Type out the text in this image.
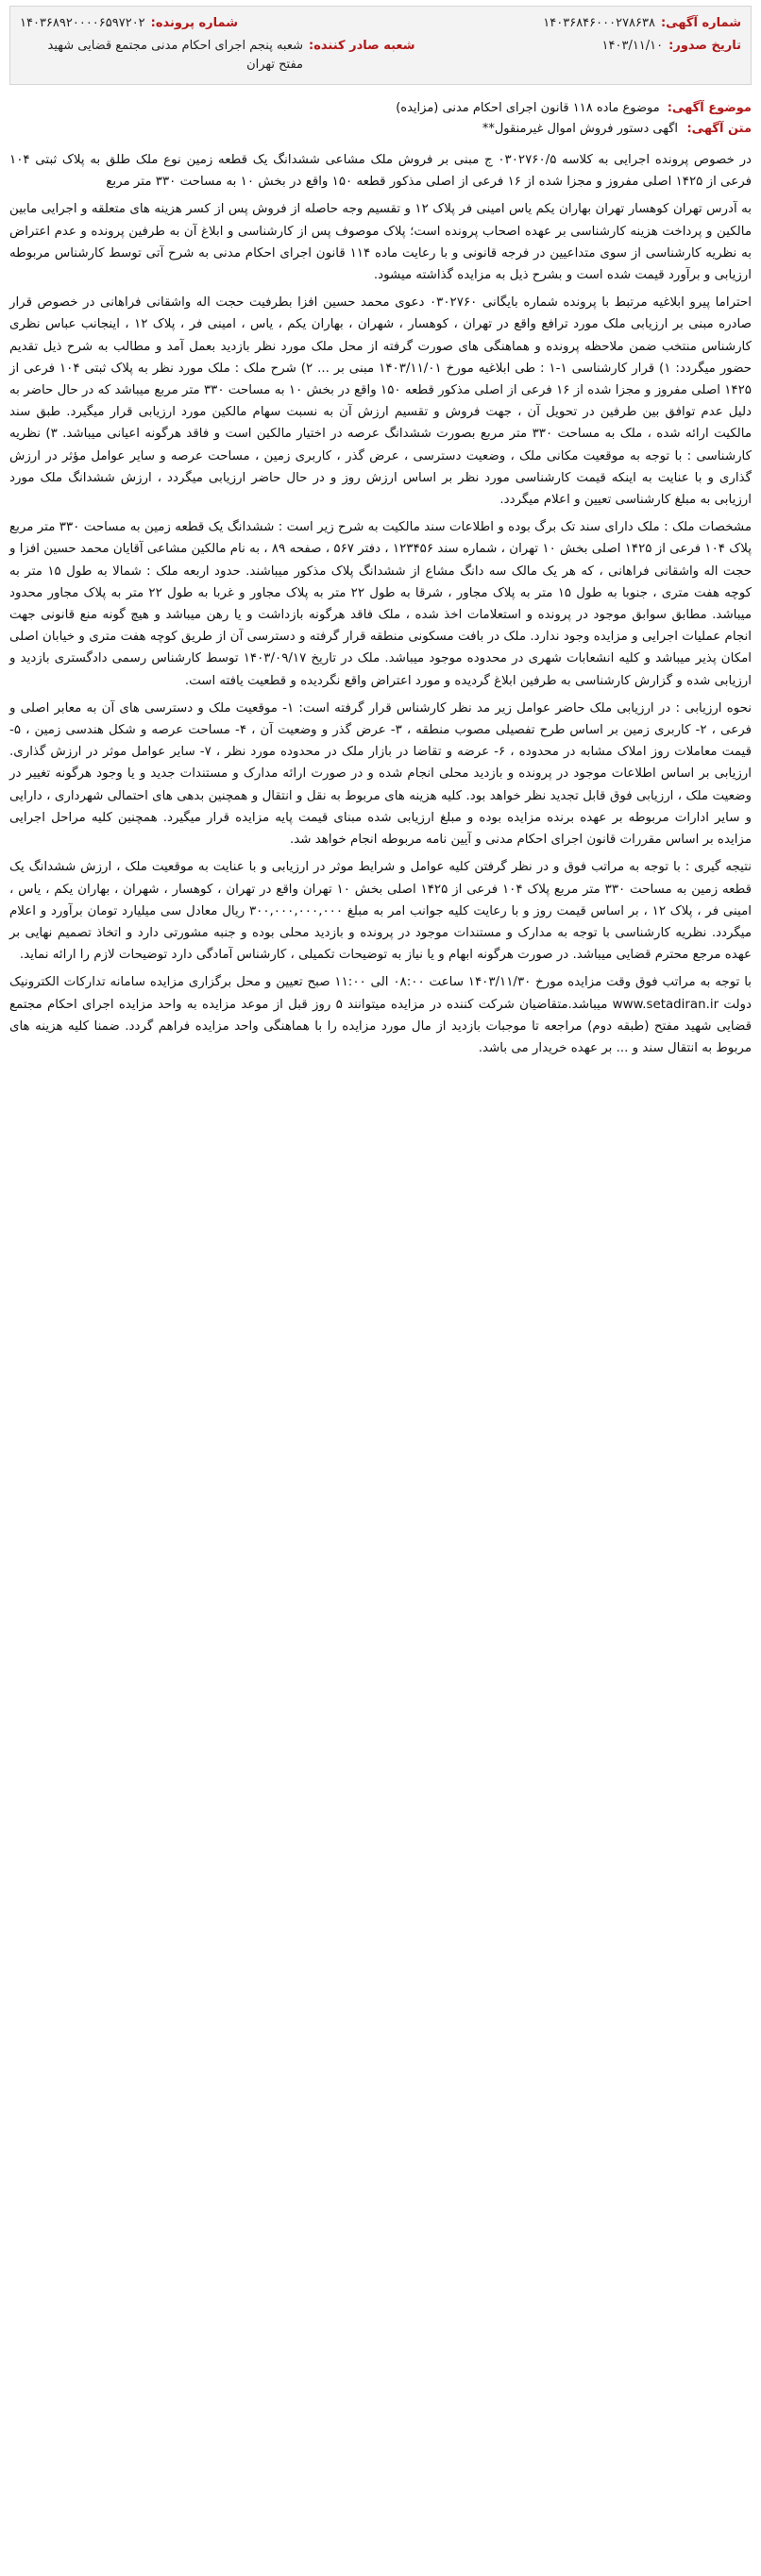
شماره آگهی:
۱۴۰۳۶۸۴۶۰۰۰۲۷۸۶۳۸
شماره پرونده:
۱۴۰۳۶۸۹۲۰۰۰۰۶۵۹۷۲۰۲
تاریخ صدور:
۱۴۰۳/۱۱/۱۰
شعبه صادر کننده:
شعبه پنجم اجرای احکام مدنی مجتمع قضایی شهید مفتح تهران
موضوع آگهی:
موضوع ماده ۱۱۸ قانون اجرای احکام مدنی (مزایده)
متن آگهی:
اگهی دستور فروش اموال غیرمنقول**

در خصوص پرونده اجرایی به کلاسه ۰۳۰۲۷۶۰/۵ ج مبنی بر فروش ملک مشاعی ششدانگ یک قطعه زمین نوع ملک طلق به پلاک ثبتی ۱۰۴ فرعی از ۱۴۲۵ اصلی مفروز و مجزا شده از ۱۶ فرعی از اصلی مذکور قطعه ۱۵۰ واقع در بخش ۱۰ به مساحت ۳۳۰ متر مربع

به آدرس تهران کوهسار تهران بهاران یکم یاس امینی فر پلاک ۱۲ و تقسیم وجه حاصله از فروش پس از کسر هزینه های متعلقه و اجرایی مابین مالکین و پرداخت هزینه کارشناسی بر عهده اصحاب پرونده است؛ پلاک موصوف پس از کارشناسی و ابلاغ آن به طرفین پرونده و عدم اعتراض به نظریه کارشناسی از سوی متداعیین در فرجه قانونی و با رعایت ماده ۱۱۴ قانون اجرای احکام مدنی به شرح آتی توسط کارشناس مربوطه ارزیابی و برآورد قیمت شده است و بشرح ذیل به مزایده گذاشته میشود.

احتراما پیرو ابلاغیه مرتبط با پرونده شماره بایگانی ۰۳۰۲۷۶۰ دعوی محمد حسین افزا بطرفیت حجت اله واشقانی فراهانی در خصوص قرار صادره مبنی بر ارزیابی ملک مورد ترافع واقع در تهران ، کوهسار ، شهران ، بهاران یکم ، یاس ، امینی فر ، پلاک ۱۲ ، اینجانب عباس نظری کارشناس منتخب ضمن ملاحظه پرونده و هماهنگی های صورت گرفته از محل ملک مورد نظر بازدید بعمل آمد و مطالب به شرح ذیل تقدیم حضور میگردد: ۱) قرار کارشناسی ۱-۱ : طی ابلاغیه مورخ ۱۴۰۳/۱۱/۰۱ مبنی بر ... ۲) شرح ملک : ملک مورد نظر به پلاک ثبتی ۱۰۴ فرعی از ۱۴۲۵ اصلی مفروز و مجزا شده از ۱۶ فرعی از اصلی مذکور قطعه ۱۵۰ واقع در بخش ۱۰ به مساحت ۳۳۰ متر مربع میباشد که در حال حاضر به دلیل عدم توافق بین طرفین در تحویل آن ، جهت فروش و تقسیم ارزش آن به نسبت سهام مالکین مورد ارزیابی قرار میگیرد. طبق سند مالکیت ارائه شده ، ملک به مساحت ۳۳۰ متر مربع بصورت ششدانگ عرصه در اختیار مالکین است و فاقد هرگونه اعیانی میباشد. ۳) نظریه کارشناسی : با توجه به موقعیت مکانی ملک ، وضعیت دسترسی ، عرض گذر ، کاربری زمین ، مساحت عرصه و سایر عوامل مؤثر در ارزش گذاری و با عنایت به اینکه قیمت کارشناسی مورد نظر بر اساس ارزش روز و در حال حاضر ارزیابی میگردد ، ارزش ششدانگ ملک مورد ارزیابی به مبلغ کارشناسی تعیین و اعلام میگردد.

مشخصات ملک : ملک دارای سند تک برگ بوده و اطلاعات سند مالکیت به شرح زیر است : ششدانگ یک قطعه زمین به مساحت ۳۳۰ متر مربع پلاک ۱۰۴ فرعی از ۱۴۲۵ اصلی بخش ۱۰ تهران ، شماره سند ۱۲۳۴۵۶ ، دفتر ۵۶۷ ، صفحه ۸۹ ، به نام مالکین مشاعی آقایان محمد حسین افزا و حجت اله واشقانی فراهانی ، که هر یک مالک سه دانگ مشاع از ششدانگ پلاک مذکور میباشند. حدود اربعه ملک : شمالا به طول ۱۵ متر به کوچه هفت متری ، جنوبا به طول ۱۵ متر به پلاک مجاور ، شرقا به طول ۲۲ متر به پلاک مجاور و غربا به طول ۲۲ متر به پلاک مجاور محدود میباشد. مطابق سوابق موجود در پرونده و استعلامات اخذ شده ، ملک فاقد هرگونه بازداشت و یا رهن میباشد و هیچ گونه منع قانونی جهت انجام عملیات اجرایی و مزایده وجود ندارد. ملک در بافت مسکونی منطقه قرار گرفته و دسترسی آن از طریق کوچه هفت متری و خیابان اصلی امکان پذیر میباشد و کلیه انشعابات شهری در محدوده موجود میباشد. ملک در تاریخ ۱۴۰۳/۰۹/۱۷ توسط کارشناس رسمی دادگستری بازدید و ارزیابی شده و گزارش کارشناسی به طرفین ابلاغ گردیده و مورد اعتراض واقع نگردیده و قطعیت یافته است.

نحوه ارزیابی : در ارزیابی ملک حاضر عوامل زیر مد نظر کارشناس قرار گرفته است: ۱- موقعیت ملک و دسترسی های آن به معابر اصلی و فرعی ، ۲- کاربری زمین بر اساس طرح تفصیلی مصوب منطقه ، ۳- عرض گذر و وضعیت آن ، ۴- مساحت عرصه و شکل هندسی زمین ، ۵- قیمت معاملات روز املاک مشابه در محدوده ، ۶- عرضه و تقاضا در بازار ملک در محدوده مورد نظر ، ۷- سایر عوامل موثر در ارزش گذاری. ارزیابی بر اساس اطلاعات موجود در پرونده و بازدید محلی انجام شده و در صورت ارائه مدارک و مستندات جدید و یا وجود هرگونه تغییر در وضعیت ملک ، ارزیابی فوق قابل تجدید نظر خواهد بود. کلیه هزینه های مربوط به نقل و انتقال و همچنین بدهی های احتمالی شهرداری ، دارایی و سایر ادارات مربوطه بر عهده برنده مزایده بوده و مبلغ ارزیابی شده مبنای قیمت پایه مزایده قرار میگیرد. همچنین کلیه مراحل اجرایی مزایده بر اساس مقررات قانون اجرای احکام مدنی و آیین نامه مربوطه انجام خواهد شد.

نتیجه گیری : با توجه به مراتب فوق و در نظر گرفتن کلیه عوامل و شرایط موثر در ارزیابی و با عنایت به موقعیت ملک ، ارزش ششدانگ یک قطعه زمین به مساحت ۳۳۰ متر مربع پلاک ۱۰۴ فرعی از ۱۴۲۵ اصلی بخش ۱۰ تهران واقع در تهران ، کوهسار ، شهران ، بهاران یکم ، یاس ، امینی فر ، پلاک ۱۲ ، بر اساس قیمت روز و با رعایت کلیه جوانب امر به مبلغ ۳۰۰,۰۰۰,۰۰۰,۰۰۰ ریال معادل سی میلیارد تومان برآورد و اعلام میگردد. نظریه کارشناسی با توجه به مدارک و مستندات موجود در پرونده و بازدید محلی بوده و جنبه مشورتی دارد و اتخاذ تصمیم نهایی بر عهده مرجع محترم قضایی میباشد. در صورت هرگونه ابهام و یا نیاز به توضیحات تکمیلی ، کارشناس آمادگی دارد توضیحات لازم را ارائه نماید.

با توجه به مراتب فوق وقت مزایده مورخ ۱۴۰۳/۱۱/۳۰ ساعت ۰۸:۰۰ الی ۱۱:۰۰ صبح تعیین و محل برگزاری مزایده سامانه تدارکات الکترونیک دولت www.setadiran.ir میباشد.متقاضیان شرکت کننده در مزایده میتوانند ۵ روز قبل از موعد مزایده به واحد مزایده اجرای احکام مجتمع قضایی شهید مفتح (طبقه دوم) مراجعه تا موجبات بازدید از مال مورد مزایده را با هماهنگی واحد مزایده فراهم گردد. ضمنا کلیه هزینه های مربوط به انتقال سند و ... بر عهده خریدار می باشد.
